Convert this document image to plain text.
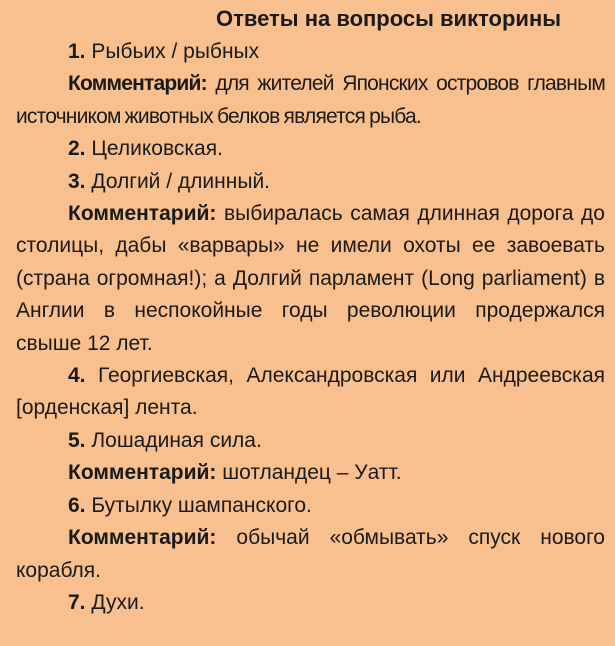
Ответы на вопросы викторины

1. Рыбьих / рыбных

Комментарий: для жителей Японских островов главным источником животных белков является рыба.

2. Целиковская.

3. Долгий / длинный.

Комментарий: выбиралась самая длинная дорога до столицы, дабы «варвары» не имели охоты ее завоевать (страна огромная!); а Долгий парламент (Long parliament) в Англии в неспокойные годы революции продержался свыше 12 лет.

4. Георгиевская, Александровская или Андреевская [орденская] лента.

5. Лошадиная сила.

Комментарий: шотландец – Уатт.

6. Бутылку шампанского.

Комментарий: обычай «обмывать» спуск нового корабля.

7. Духи.
